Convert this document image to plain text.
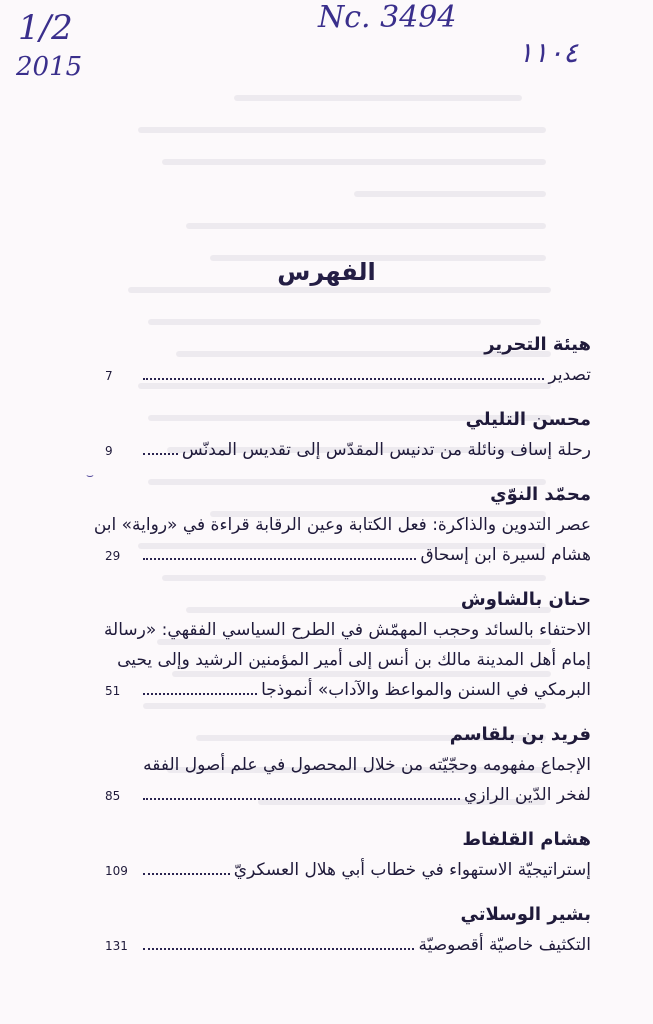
1/2
2015
Nc. 3494
١١٠٤
الفهرس
⌣
هيئة التحرير
7	تصدير
محسن التليلي
9	رحلة إساف ونائلة من تدنيس المقدّس إلى تقديس المدنّس
محمّد النوّي
عصر التدوين والذاكرة: فعل الكتابة وعين الرقابة قراءة في «رواية» ابن
29	هشام لسيرة ابن إسحاق
حنان بالشاوش
الاحتفاء بالسائد وحجب المهمّش في الطرح السياسي الفقهي: «رسالة
إمام أهل المدينة مالك بن أنس إلى أمير المؤمنين الرشيد وإلى يحيى
51	البرمكي في السنن والمواعظ والآداب» أنموذجا
فريد بن بلقاسم
الإجماع مفهومه وحجّيّته من خلال المحصول في علم أصول الفقه
85	لفخر الدّين الرازي
هشام القلفاط
109	إستراتيجيّة الاستهواء في خطاب أبي هلال العسكريّ
بشير الوسلاتي
131	التكثيف خاصيّة أقصوصيّة
